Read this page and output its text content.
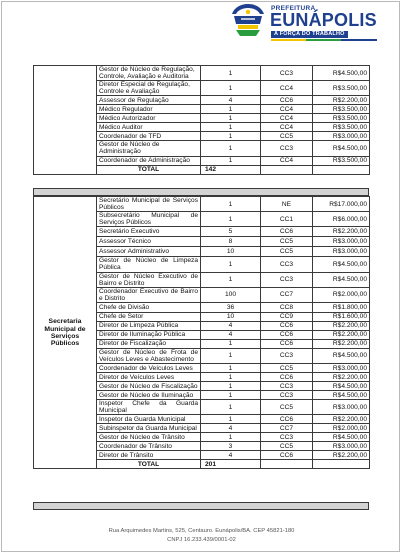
PREFEITURA
EUNÁPOLIS
A FORÇA DO TRABALHO
	Gestor de Núcleo de Regulação, Controle, Avaliação e Auditoria	1	CC3	R$4.500,00
	Diretor Especial de Regulação, Controle e Avaliação	1	CC4	R$3.500,00
	Assessor de Regulação	4	CC6	R$2.200,00
	Médico Regulador	1	CC4	R$3.500,00
	Médico Autorizador	1	CC4	R$3.500,00
	Médico Auditor	1	CC4	R$3.500,00
	Coordenador de TFD	1	CC5	R$3.000,00
	Gestor de Núcleo de Administração	1	CC3	R$4.500,00
	Coordenador de Administração	1	CC4	R$3.500,00
	TOTAL	142		
Secretaria Municipal de Serviços Públicos	Secretário Municipal de Serviços Públicos	1	NE	R$17.000,00
	Subsecretário Municipal de Serviços Públicos	1	CC1	R$6.000,00
	Secretário Executivo	5	CC6	R$2.200,00
	Assessor Técnico	8	CC5	R$3.000,00
	Assessor Administrativo	10	CC5	R$3.000,00
	Gestor de Núcleo de Limpeza Pública	1	CC3	R$4.500,00
	Gestor de Núcleo Executivo de Bairro e Distrito	1	CC3	R$4.500,00
	Coordenador Executivo de Bairro e Distrito	100	CC7	R$2.000,00
	Chefe de Divisão	36	CC8	R$1.800,00
	Chefe de Setor	10	CC9	R$1.600,00
	Diretor de Limpeza Pública	4	CC6	R$2.200,00
	Diretor de Iluminação Pública	4	CC6	R$2.200,00
	Diretor de Fiscalização	1	CC6	R$2.200,00
	Gestor de Núcleo de Frota de Veículos Leves e Abastecimento	1	CC3	R$4.500,00
	Coordenador de Veículos Leves	1	CC5	R$3.000,00
	Diretor de Veículos Leves	1	CC6	R$2.200,00
	Gestor de Núcleo de Fiscalização	1	CC3	R$4.500,00
	Gestor de Núcleo de Iluminação	1	CC3	R$4.500,00
	Inspetor Chefe da Guarda Municipal	1	CC5	R$3.000,00
	Inspetor da Guarda Municipal	1	CC6	R$2.200,00
	Subinspetor da Guarda Municipal	4	CC7	R$2.000,00
	Gestor de Núcleo de Trânsito	1	CC3	R$4.500,00
	Coordenador de Trânsito	3	CC5	R$3.000,00
	Diretor de Trânsito	4	CC6	R$2.200,00
	TOTAL	201		
Rua Arquimedes Martins, 525, Centauro. Eunápolis/BA. CEP 45821-180
CNPJ 16.233.439/0001-02
